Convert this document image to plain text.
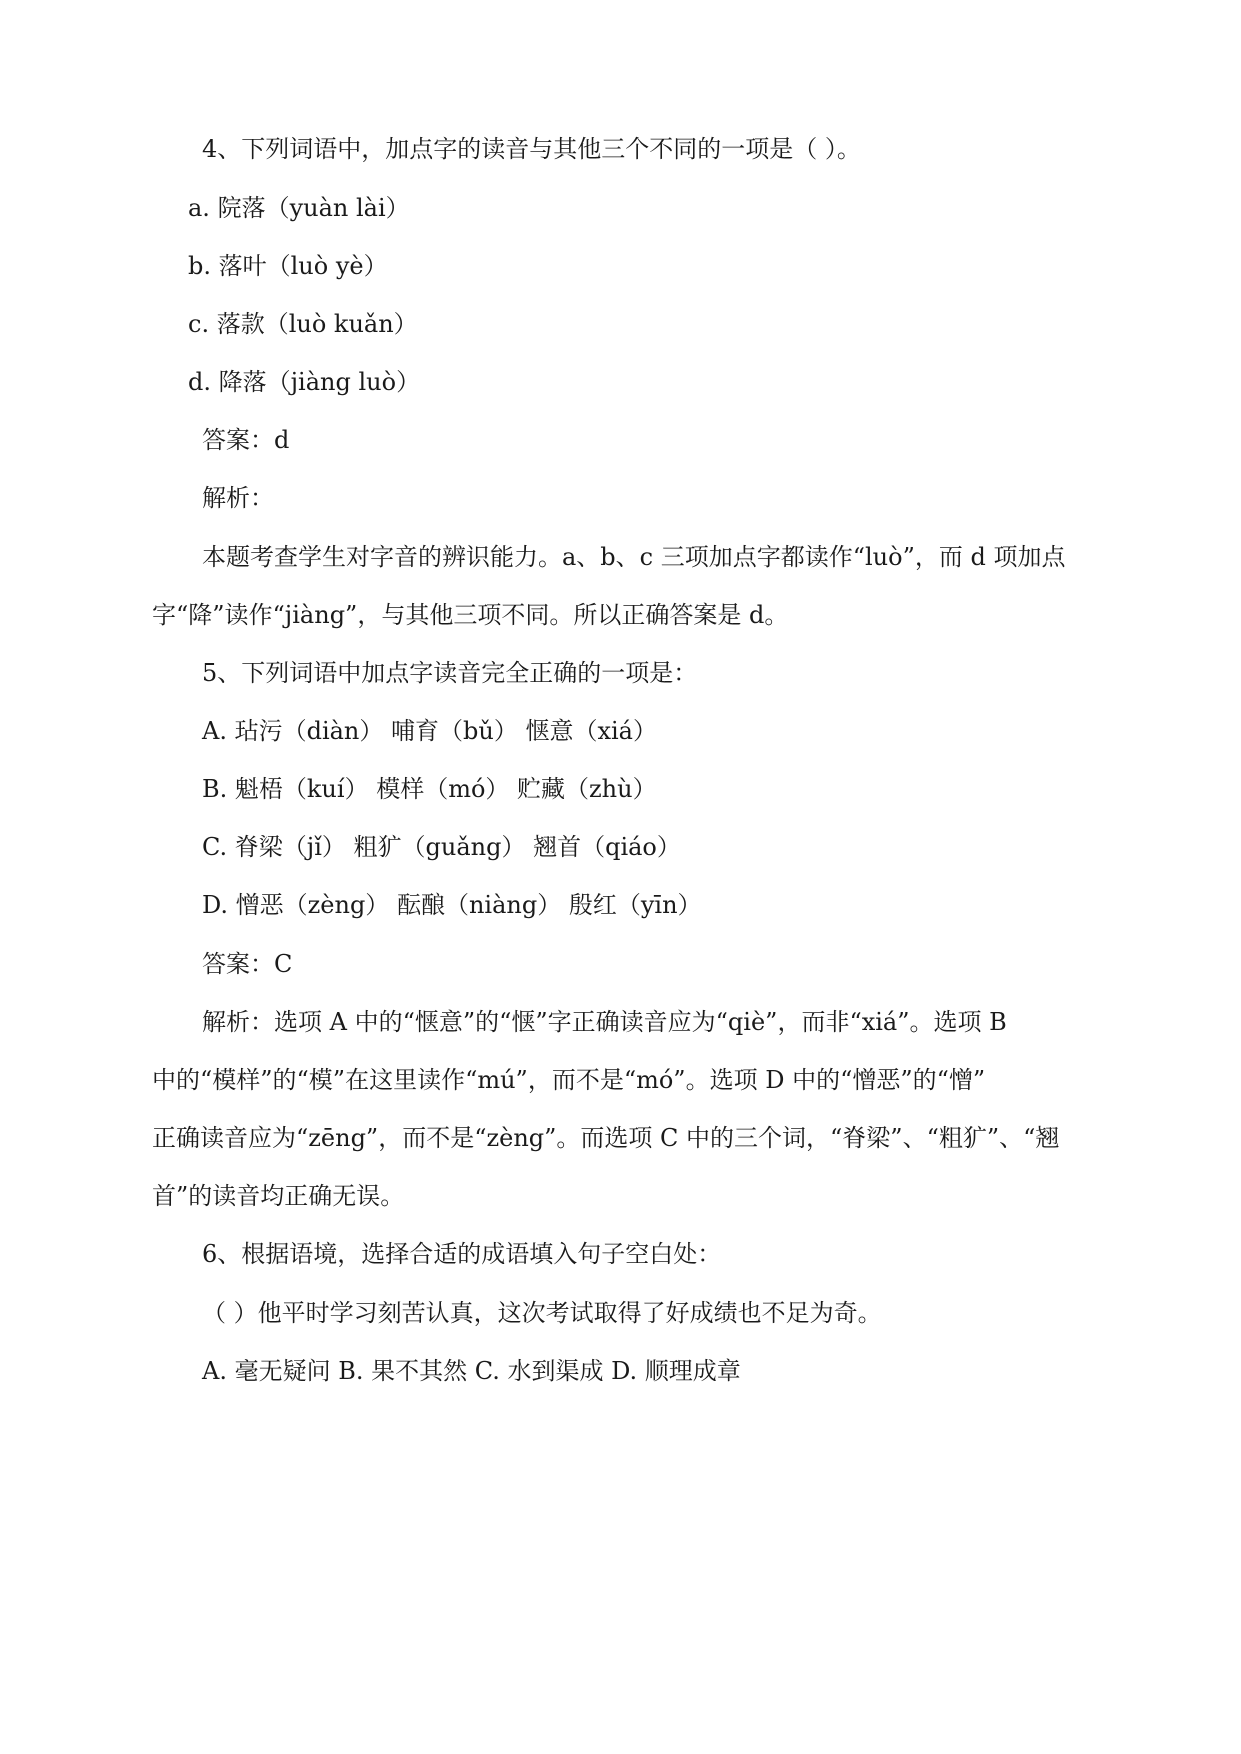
4、下列词语中，加点字的读音与其他三个不同的一项是（ ）。

a. 院落（yuàn lài）

b. 落叶（luò yè）

c. 落款（luò kuǎn）

d. 降落（jiàng luò）

答案：d

解析：

本题考查学生对字音的辨识能力。a、b、c 三项加点字都读作“luò”，而 d 项加点

字“降”读作“jiàng”，与其他三项不同。所以正确答案是 d。

5、下列词语中加点字读音完全正确的一项是：

A. 玷污（diàn） 哺育（bǔ） 惬意（xiá）

B. 魁梧（kuí） 模样（mó） 贮藏（zhù）

C. 脊梁（jǐ） 粗犷（guǎng） 翘首（qiáo）

D. 憎恶（zèng） 酝酿（niàng） 殷红（yīn）

答案：C

解析：选项 A 中的“惬意”的“惬”字正确读音应为“qiè”，而非“xiá”。选项 B

中的“模样”的“模”在这里读作“mú”，而不是“mó”。选项 D 中的“憎恶”的“憎”

正确读音应为“zēng”，而不是“zèng”。而选项 C 中的三个词，“脊梁”、“粗犷”、“翘

首”的读音均正确无误。

6、根据语境，选择合适的成语填入句子空白处：

（ ）他平时学习刻苦认真，这次考试取得了好成绩也不足为奇。

A. 毫无疑问 B. 果不其然 C. 水到渠成 D. 顺理成章
